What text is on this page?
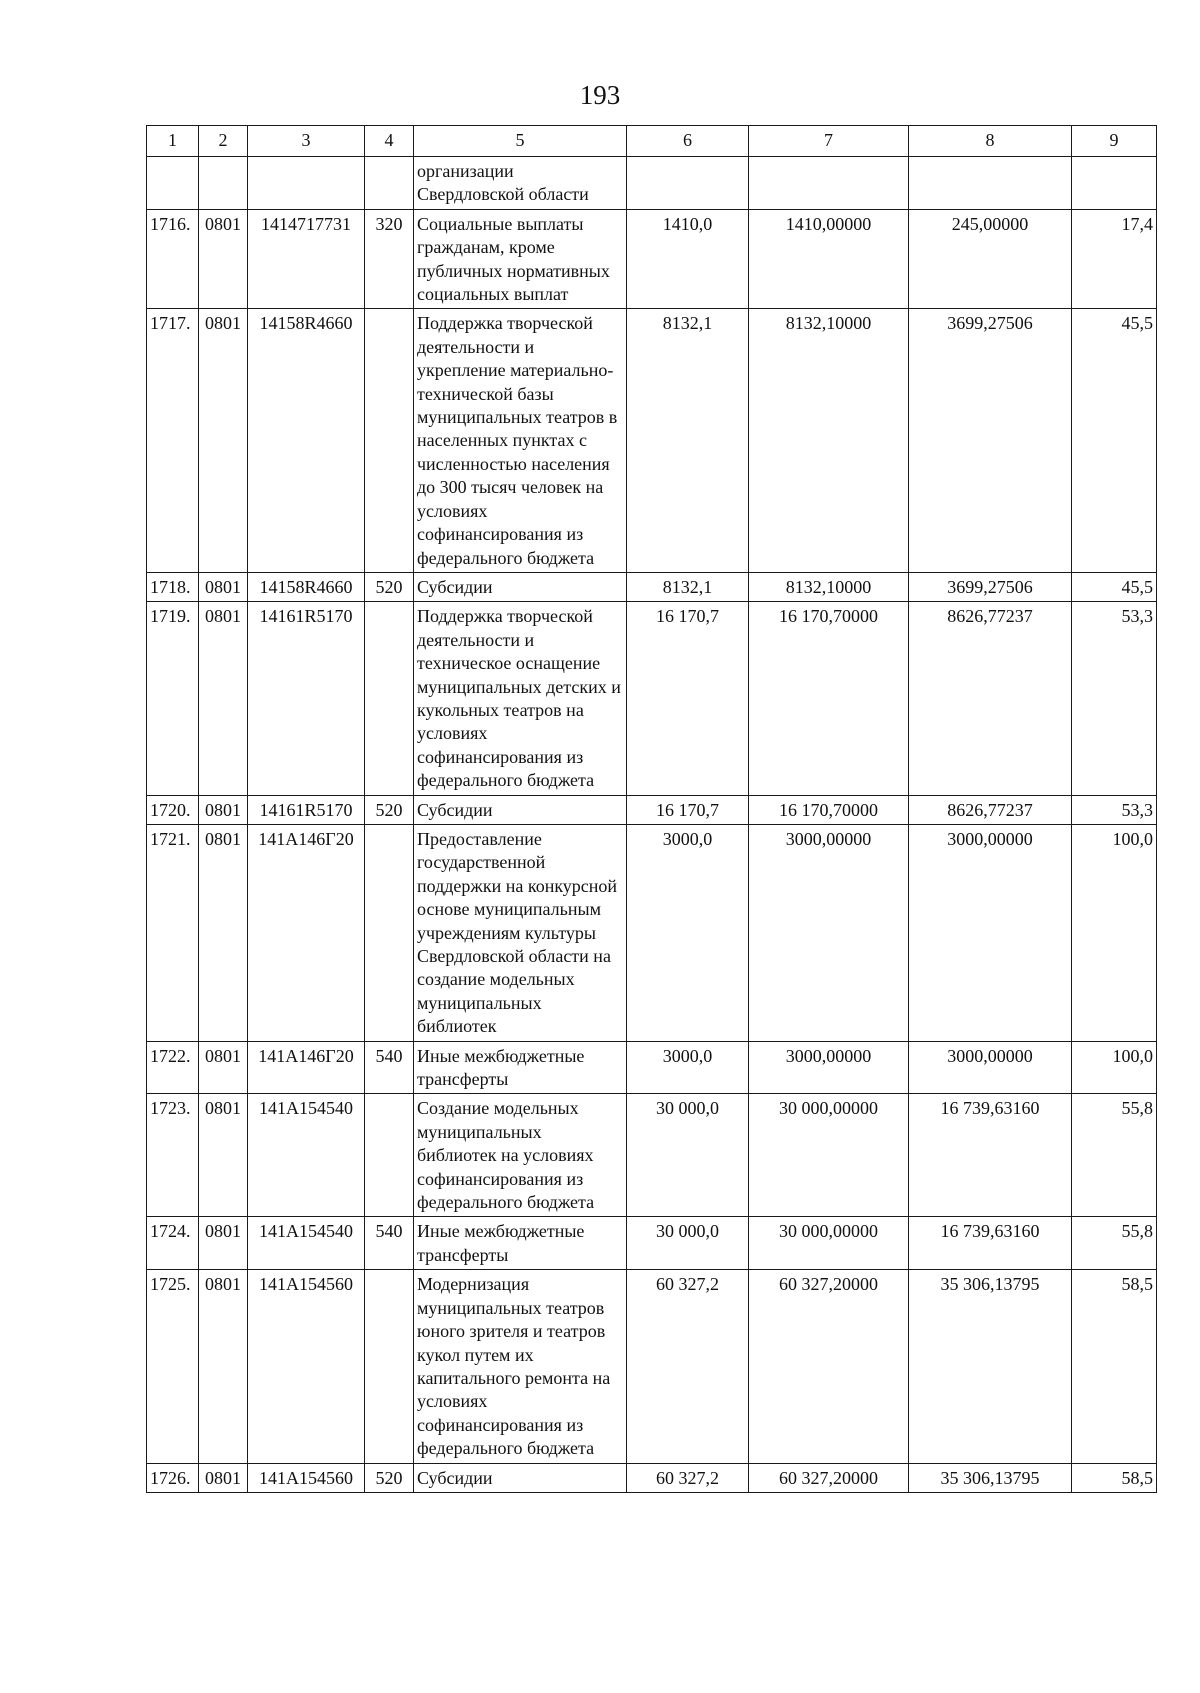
193
1	2	3	4	5	6	7	8	9
				организации Свердловской области				
1716.	0801	1414717731	320	Социальные выплаты гражданам, кроме публичных нормативных социальных выплат	1410,0	1410,00000	245,00000	17,4
1717.	0801	14158R4660		Поддержка творческой деятельности и укрепление материально-технической базы муниципальных театров в населенных пунктах с численностью населения до 300 тысяч человек на условиях софинансирования из федерального бюджета	8132,1	8132,10000	3699,27506	45,5
1718.	0801	14158R4660	520	Субсидии	8132,1	8132,10000	3699,27506	45,5
1719.	0801	14161R5170		Поддержка творческой деятельности и техническое оснащение муниципальных детских и кукольных театров на условиях софинансирования из федерального бюджета	16 170,7	16 170,70000	8626,77237	53,3
1720.	0801	14161R5170	520	Субсидии	16 170,7	16 170,70000	8626,77237	53,3
1721.	0801	141A146Г20		Предоставление государственной поддержки на конкурсной основе муниципальным учреждениям культуры Свердловской области на создание модельных муниципальных библиотек	3000,0	3000,00000	3000,00000	100,0
1722.	0801	141A146Г20	540	Иные межбюджетные трансферты	3000,0	3000,00000	3000,00000	100,0
1723.	0801	141A154540		Создание модельных муниципальных библиотек на условиях софинансирования из федерального бюджета	30 000,0	30 000,00000	16 739,63160	55,8
1724.	0801	141A154540	540	Иные межбюджетные трансферты	30 000,0	30 000,00000	16 739,63160	55,8
1725.	0801	141A154560		Модернизация муниципальных театров юного зрителя и театров кукол путем их капитального ремонта на условиях софинансирования из федерального бюджета	60 327,2	60 327,20000	35 306,13795	58,5
1726.	0801	141A154560	520	Субсидии	60 327,2	60 327,20000	35 306,13795	58,5
